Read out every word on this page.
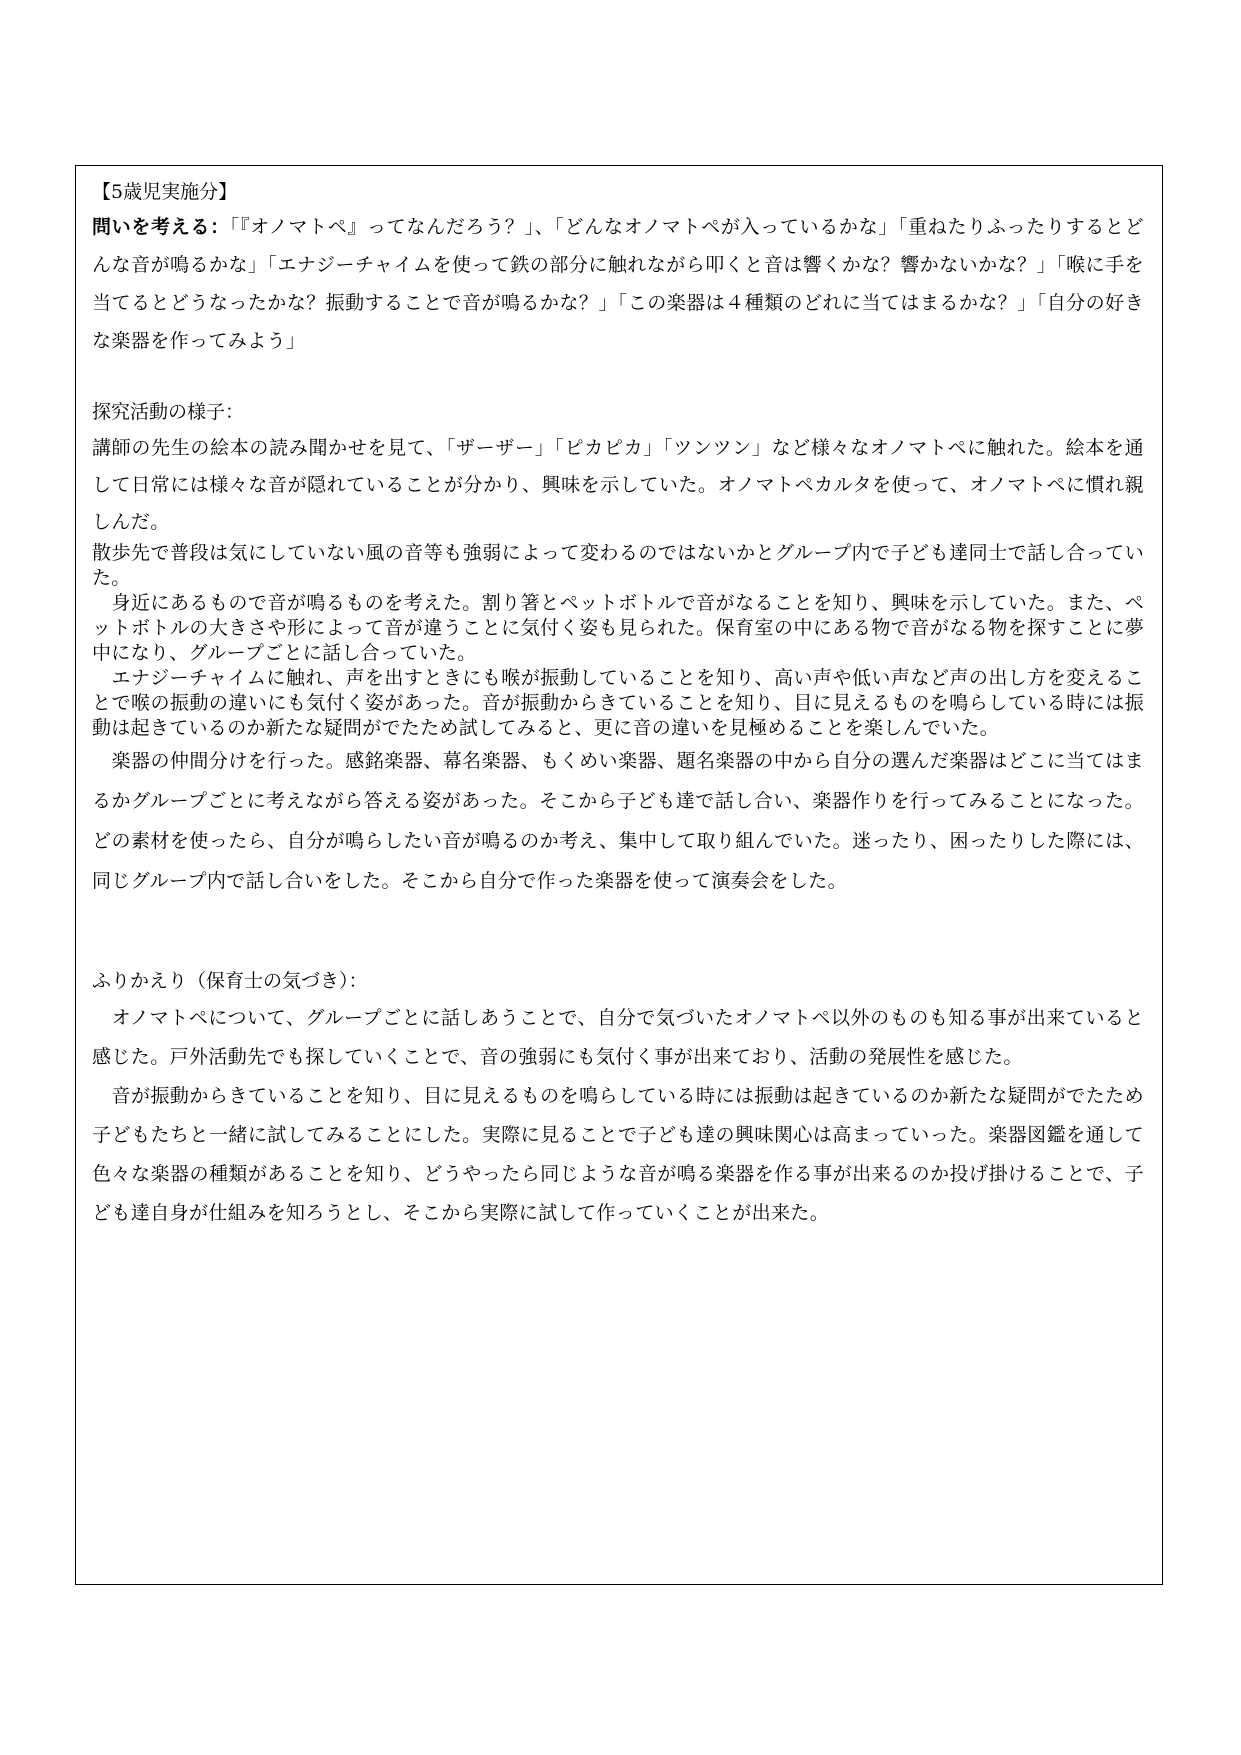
【5歳児実施分】

問いを考える：「『オノマトペ』ってなんだろう？」、「どんなオノマトペが入っているかな」「重ねたりふったりするとどんな音が鳴るかな」「エナジーチャイムを使って鉄の部分に触れながら叩くと音は響くかな？響かないかな？」「喉に手を当てるとどうなったかな？振動することで音が鳴るかな？」「この楽器は４種類のどれに当てはまるかな？」「自分の好きな楽器を作ってみよう」

探究活動の様子：

講師の先生の絵本の読み聞かせを見て、「ザーザー」「ピカピカ」「ツンツン」など様々なオノマトペに触れた。絵本を通して日常には様々な音が隠れていることが分かり、興味を示していた。オノマトペカルタを使って、オノマトペに慣れ親しんだ。

散歩先で普段は気にしていない風の音等も強弱によって変わるのではないかとグループ内で子ども達同士で話し合っていた。

　身近にあるもので音が鳴るものを考えた。割り箸とペットボトルで音がなることを知り、興味を示していた。また、ペットボトルの大きさや形によって音が違うことに気付く姿も見られた。保育室の中にある物で音がなる物を探すことに夢中になり、グループごとに話し合っていた。

　エナジーチャイムに触れ、声を出すときにも喉が振動していることを知り、高い声や低い声など声の出し方を変えることで喉の振動の違いにも気付く姿があった。音が振動からきていることを知り、目に見えるものを鳴らしている時には振動は起きているのか新たな疑問がでたため試してみると、更に音の違いを見極めることを楽しんでいた。

　楽器の仲間分けを行った。感銘楽器、幕名楽器、もくめい楽器、題名楽器の中から自分の選んだ楽器はどこに当てはまるかグループごとに考えながら答える姿があった。そこから子ども達で話し合い、楽器作りを行ってみることになった。どの素材を使ったら、自分が鳴らしたい音が鳴るのか考え、集中して取り組んでいた。迷ったり、困ったりした際には、同じグループ内で話し合いをした。そこから自分で作った楽器を使って演奏会をした。

ふりかえり（保育士の気づき）：

　オノマトペについて、グループごとに話しあうことで、自分で気づいたオノマトペ以外のものも知る事が出来ていると感じた。戸外活動先でも探していくことで、音の強弱にも気付く事が出来ており、活動の発展性を感じた。

　音が振動からきていることを知り、目に見えるものを鳴らしている時には振動は起きているのか新たな疑問がでたため子どもたちと一緒に試してみることにした。実際に見ることで子ども達の興味関心は高まっていった。楽器図鑑を通して色々な楽器の種類があることを知り、どうやったら同じような音が鳴る楽器を作る事が出来るのか投げ掛けることで、子ども達自身が仕組みを知ろうとし、そこから実際に試して作っていくことが出来た。
